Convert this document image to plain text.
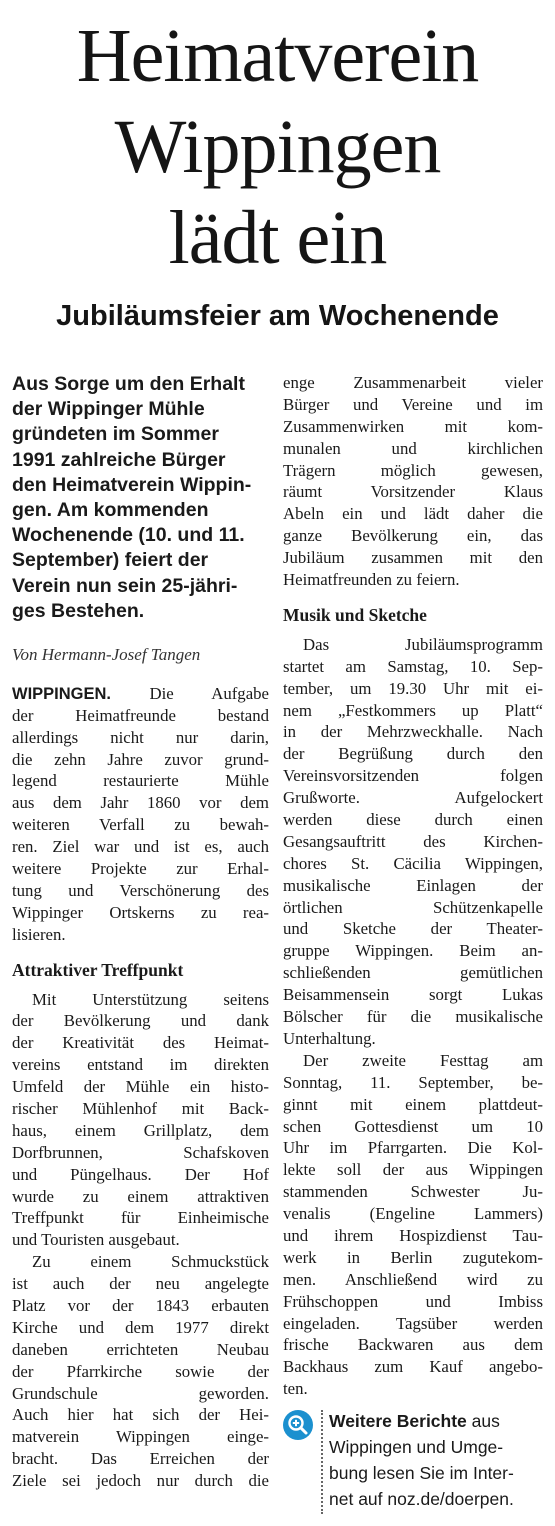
Heimatverein
Wippingen
lädt ein
Jubiläumsfeier am Wochenende
Aus Sorge um den Erhalt
der Wippinger Mühle
gründeten im Sommer
1991 zahlreiche Bürger
den Heimatverein Wippin-
gen. Am kommenden
Wochenende (10. und 11.
September) feiert der
Verein nun sein 25-jähri-
ges Bestehen.
Von Hermann-Josef Tangen
WIPPINGEN. Die Aufgabe
der Heimatfreunde bestand
allerdings nicht nur darin,
die zehn Jahre zuvor grund-
legend restaurierte Mühle
aus dem Jahr 1860 vor dem
weiteren Verfall zu bewah-
ren. Ziel war und ist es, auch
weitere Projekte zur Erhal-
tung und Verschönerung des
Wippinger Ortskerns zu rea-
lisieren.
Attraktiver Treffpunkt
Mit Unterstützung seitens
der Bevölkerung und dank
der Kreativität des Heimat-
vereins entstand im direkten
Umfeld der Mühle ein histo-
rischer Mühlenhof mit Back-
haus, einem Grillplatz, dem
Dorfbrunnen, Schafskoven
und Püngelhaus. Der Hof
wurde zu einem attraktiven
Treffpunkt für Einheimische
und Touristen ausgebaut.
Zu einem Schmuckstück
ist auch der neu angelegte
Platz vor der 1843 erbauten
Kirche und dem 1977 direkt
daneben errichteten Neubau
der Pfarrkirche sowie der
Grundschule geworden.
Auch hier hat sich der Hei-
matverein Wippingen einge-
bracht. Das Erreichen der
Ziele sei jedoch nur durch die
enge Zusammenarbeit vieler
Bürger und Vereine und im
Zusammenwirken mit kom-
munalen und kirchlichen
Trägern möglich gewesen,
räumt Vorsitzender Klaus
Abeln ein und lädt daher die
ganze Bevölkerung ein, das
Jubiläum zusammen mit den
Heimatfreunden zu feiern.
Musik und Sketche
Das Jubiläumsprogramm
startet am Samstag, 10. Sep-
tember, um 19.30 Uhr mit ei-
nem „Festkommers up Platt“
in der Mehrzweckhalle. Nach
der Begrüßung durch den
Vereinsvorsitzenden folgen
Grußworte. Aufgelockert
werden diese durch einen
Gesangsauftritt des Kirchen-
chores St. Cäcilia Wippingen,
musikalische Einlagen der
örtlichen Schützenkapelle
und Sketche der Theater-
gruppe Wippingen. Beim an-
schließenden gemütlichen
Beisammensein sorgt Lukas
Bölscher für die musikalische
Unterhaltung.
Der zweite Festtag am
Sonntag, 11. September, be-
ginnt mit einem plattdeut-
schen Gottesdienst um 10
Uhr im Pfarrgarten. Die Kol-
lekte soll der aus Wippingen
stammenden Schwester Ju-
venalis (Engeline Lammers)
und ihrem Hospizdienst Tau-
werk in Berlin zugutekom-
men. Anschließend wird zu
Frühschoppen und Imbiss
eingeladen. Tagsüber werden
frische Backwaren aus dem
Backhaus zum Kauf angebo-
ten.
Weitere Berichte aus
Wippingen und Umge-
bung lesen Sie im Inter-
net auf noz.de/doerpen.
